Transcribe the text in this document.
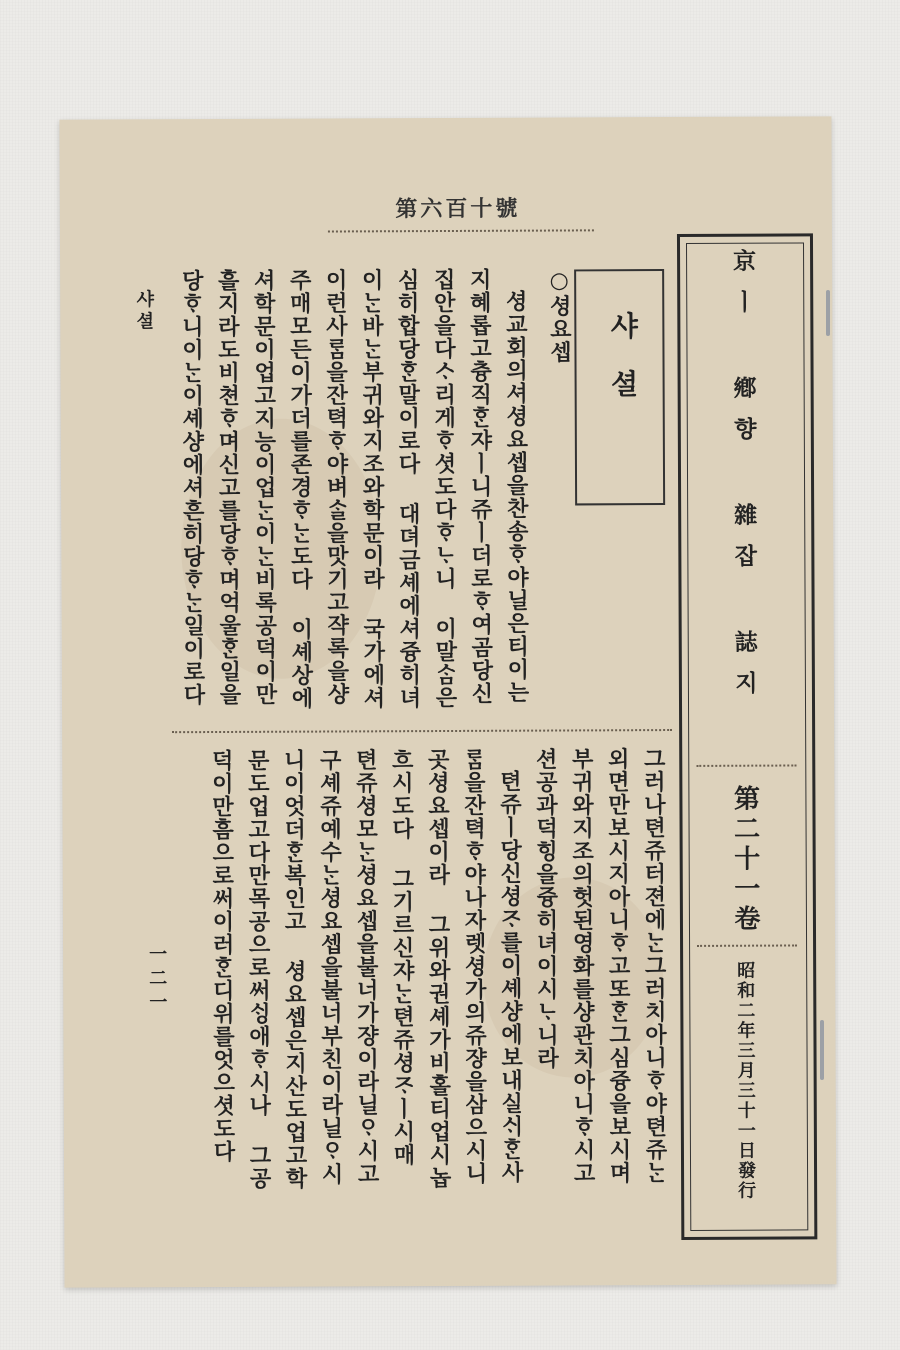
第六百十號
京ㅣ 鄕향 雜잡 誌지
第二十一卷
昭和二年三月三十一日發行
샤셜
○셩요셉
셩교회의셔셩요셉을찬송ᄒᆞ야닐은티이는
지혜롭고츙직ᄒᆞᆫ쟈ㅣ니쥬ㅣ더로ᄒᆞ여곰당신
집안을다ᄉᆞ리게ᄒᆞ셧도다ᄒᆞᄂᆞ니 이말ᄉᆞᆷ은
심히합당ᄒᆞᆫ말이로다 대뎌금셰에셔즁히녀
이ᄂᆞᆫ바ᄂᆞᆫ부귀와지조와학문이라 국가에셔
이런사ᄅᆞᆷ을잔텩ᄒᆞ야벼ᄉᆞᆯ을맛기고쟉록을샹
주매모든이가더를존경ᄒᆞᄂᆞᆫ도다 이셰상에
셔학문이업고지능이업ᄂᆞᆫ이ᄂᆞᆫ비록공덕이만
흘지라도비쳔ᄒᆞ며신고를당ᄒᆞ며억울ᄒᆞᆫ일을
당ᄒᆞ니이ᄂᆞᆫ이셰샹에셔흔히당ᄒᆞᄂᆞᆫ일이로다
그러나텬쥬터젼에ᄂᆞᆫ그러치아니ᄒᆞ야텬쥬ᄂᆞᆫ
외면만보시지아니ᄒᆞ고또ᄒᆞᆫ그심즁을보시며
부귀와지조의헛된영화를샹관치아니ᄒᆞ시고
션공과덕힝을즁히녀이시ᄂᆞ니라
텬쥬ㅣ당신셩ᄌᆞ를이셰샹에보내실ᄉᆡᄒᆞᆫ사
ᄅᆞᆷ을잔텩ᄒᆞ야나자렛셩가의쥬쟝을삼으시니
곳셩요셉이라 그위와권셰가비홀티업시놉
흐시도다 그기르신쟈ᄂᆞᆫ텬쥬셩ᄌᆞㅣ시매
텬쥬셩모ᄂᆞᆫ셩요셉을불너가쟝이라닐ᄋᆞ시고
구셰쥬예수ᄂᆞᆫ셩요셉을불너부친이라닐ᄋᆞ시
니이엇더ᄒᆞᆫ복인고 셩요셉은지산도업고학
문도업고다만목공으로써ᄉᆡᆼ애ᄒᆞ시나 그공
덕이만흠으로써이러ᄒᆞᆫ디위를엇으셧도다
샤셜
一二一
